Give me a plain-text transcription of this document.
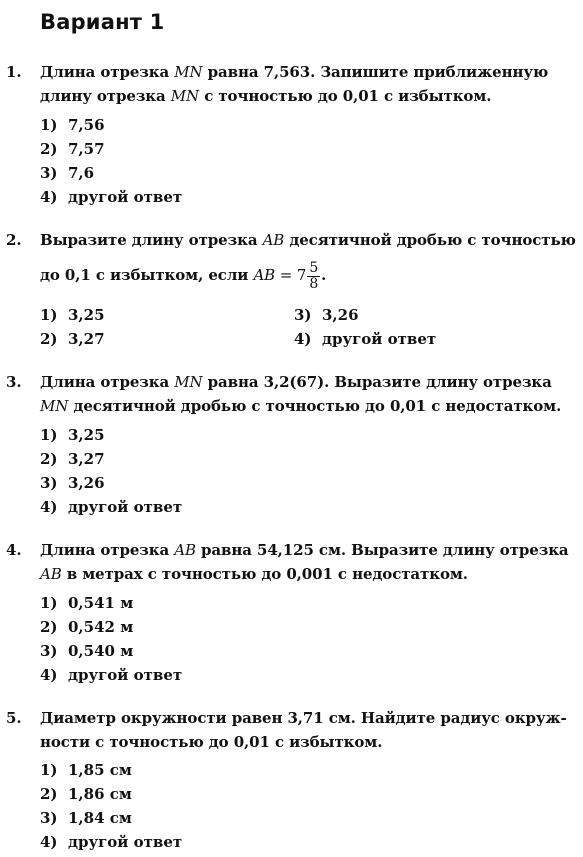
Вариант 1
1. Длина отрезка MN равна 7,563. Запишите приближенную
длину отрезка MN с точностью до 0,01 с избытком.
1) 7,56
2) 7,57
3) 7,6
4) другой ответ
2. Выразите длину отрезка AB десятичной дробью с точностью
до 0,1 с избытком, если AB = $7 \frac{5}{8}$ .
1) 3,25
2) 3,27
3) 3,26
4) другой ответ
3. Длина отрезка MN равна 3,2(67). Выразите длину отрезка
MN десятичной дробью с точностью до 0,01 с недостатком.
1) 3,25
2) 3,27
3) 3,26
4) другой ответ
4. Длина отрезка AB равна 54,125 см. Выразите длину отрезка
AB в метрах с точностью до 0,001 с недостатком.
1) 0,541 м
2) 0,542 м
3) 0,540 м
4) другой ответ
5. Диаметр окружности равен 3,71 см. Найдите радиус окруж-
ности с точностью до 0,01 с избытком.
1) 1,85 см
2) 1,86 см
3) 1,84 см
4) другой ответ
